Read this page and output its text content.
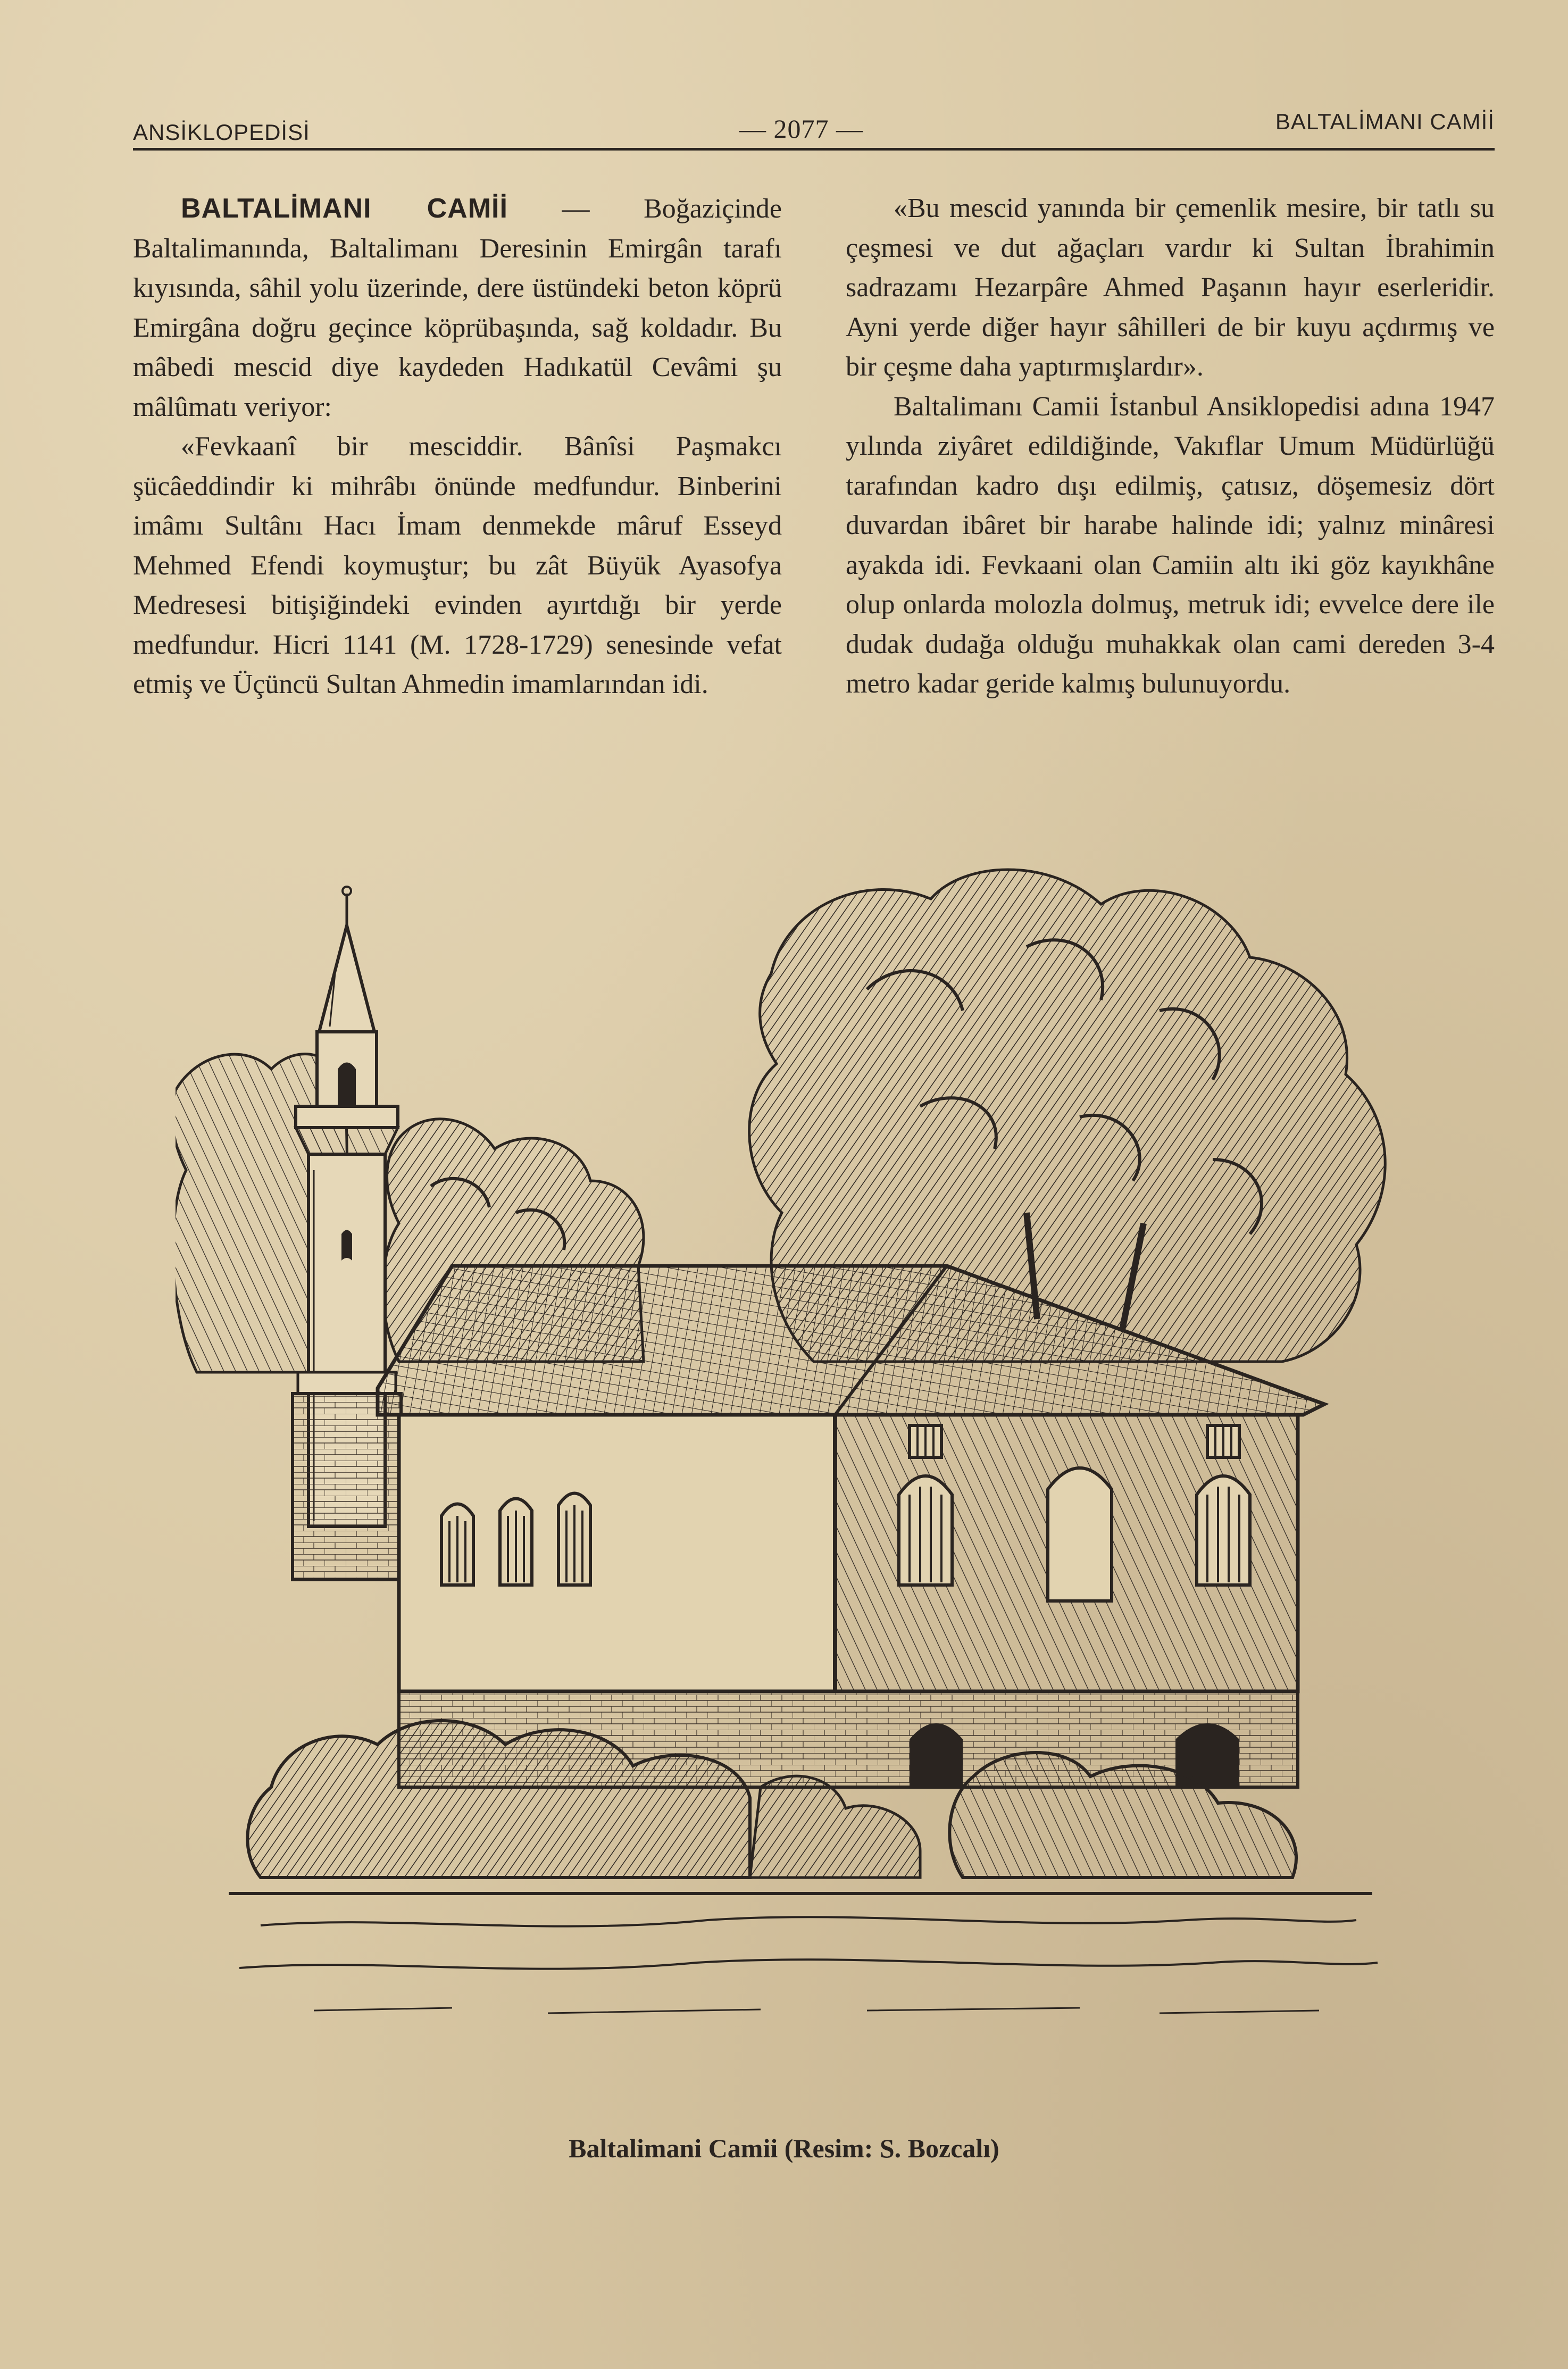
ANSİKLOPEDİSİ	— 2077 —	BALTALİMANI CAMİİ

BALTALİMANI CAMİİ — Boğaziçinde Baltalimanında, Baltalimanı Deresinin Emirgân tarafı kıyısında, sâhil yolu üzerinde, dere üstündeki beton köprü Emirgâna doğru geçince köprübaşında, sağ koldadır. Bu mâbedi mescid diye kaydeden Hadıkatül Cevâmi şu mâlûmatı veriyor:

«Fevkaanî bir mesciddir. Bânîsi Paşmakcı şücâeddindir ki mihrâbı önünde medfundur. Binberini imâmı Sultânı Hacı İmam denmekde mâruf Esseyd Mehmed Efendi koymuştur; bu zât Büyük Ayasofya Medresesi bitişiğindeki evinden ayırtdığı bir yerde medfundur. Hicri 1141 (M. 1728-1729) senesinde vefat etmiş ve Üçüncü Sultan Ahmedin imamlarından idi.

«Bu mescid yanında bir çemenlik mesire, bir tatlı su çeşmesi ve dut ağaçları vardır ki Sultan İbrahimin sadrazamı Hezarpâre Ahmed Paşanın hayır eserleridir. Ayni yerde diğer hayır sâhilleri de bir kuyu açdırmış ve bir çeşme daha yaptırmışlardır».

Baltalimanı Camii İstanbul Ansiklopedisi adına 1947 yılında ziyâret edildiğinde, Vakıflar Umum Müdürlüğü tarafından kadro dışı edilmiş, çatısız, döşemesiz dört duvardan ibâret bir harabe halinde idi; yalnız minâresi ayakda idi. Fevkaani olan Camiin altı iki göz kayıkhâne olup onlarda molozla dolmuş, metruk idi; evvelce dere ile dudak dudağa olduğu muhakkak olan cami dereden 3-4 metro kadar geride kalmış bulunuyordu.

Baltalimani Camii (Resim: S. Bozcalı)
